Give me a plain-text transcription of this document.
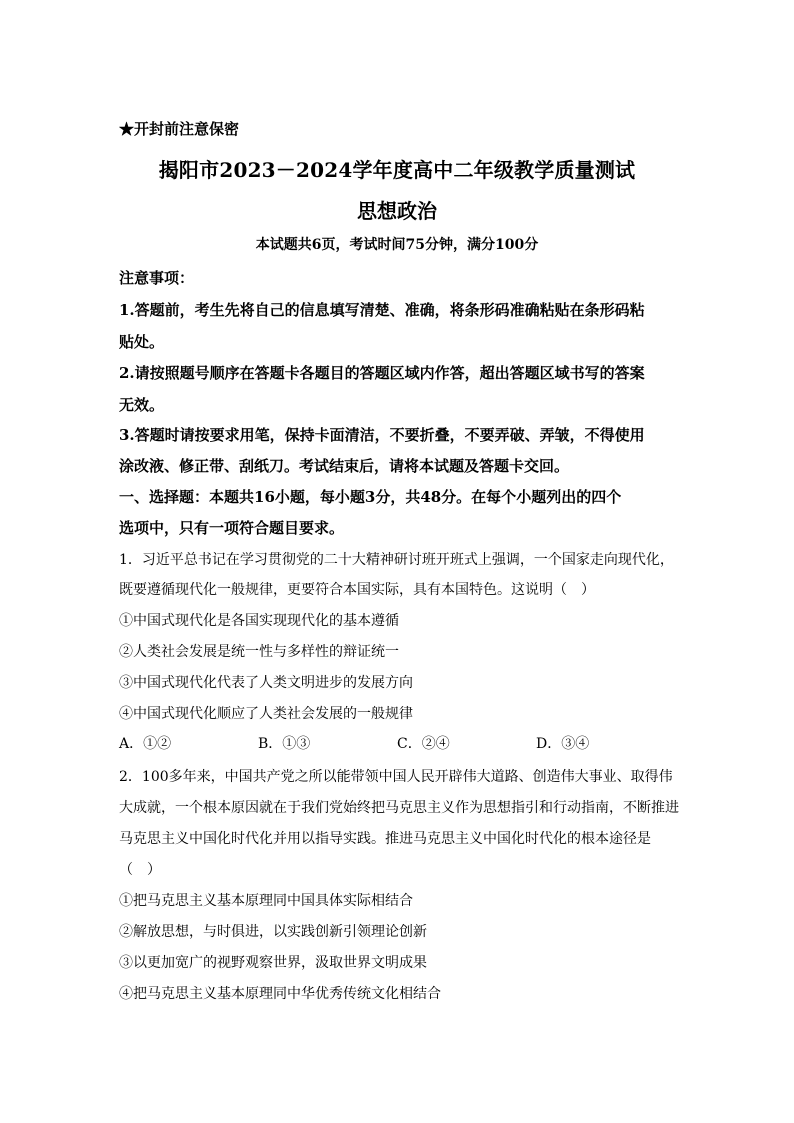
★开封前注意保密
揭阳市2023－2024学年度高中二年级教学质量测试
思想政治
本试题共6页，考试时间75分钟，满分100分
注意事项：
1.答题前，考生先将自己的信息填写清楚、准确，将条形码准确粘贴在条形码粘
贴处。
2.请按照题号顺序在答题卡各题目的答题区域内作答，超出答题区域书写的答案
无效。
3.答题时请按要求用笔，保持卡面清洁，不要折叠，不要弄破、弄皱，不得使用
涂改液、修正带、刮纸刀。考试结束后，请将本试题及答题卡交回。
一、选择题：本题共16小题，每小题3分，共48分。在每个小题列出的四个
选项中，只有一项符合题目要求。
1．习近平总书记在学习贯彻党的二十大精神研讨班开班式上强调，一个国家走向现代化，
既要遵循现代化一般规律，更要符合本国实际，具有本国特色。这说明（　）
①中国式现代化是各国实现现代化的基本遵循
②人类社会发展是统一性与多样性的辩证统一
③中国式现代化代表了人类文明进步的发展方向
④中国式现代化顺应了人类社会发展的一般规律
A．①②	B．①③	C．②④	D．③④
2．100多年来，中国共产党之所以能带领中国人民开辟伟大道路、创造伟大事业、取得伟
大成就，一个根本原因就在于我们党始终把马克思主义作为思想指引和行动指南，不断推进
马克思主义中国化时代化并用以指导实践。推进马克思主义中国化时代化的根本途径是
（　）
①把马克思主义基本原理同中国具体实际相结合
②解放思想，与时俱进，以实践创新引领理论创新
③以更加宽广的视野观察世界，汲取世界文明成果
④把马克思主义基本原理同中华优秀传统文化相结合
